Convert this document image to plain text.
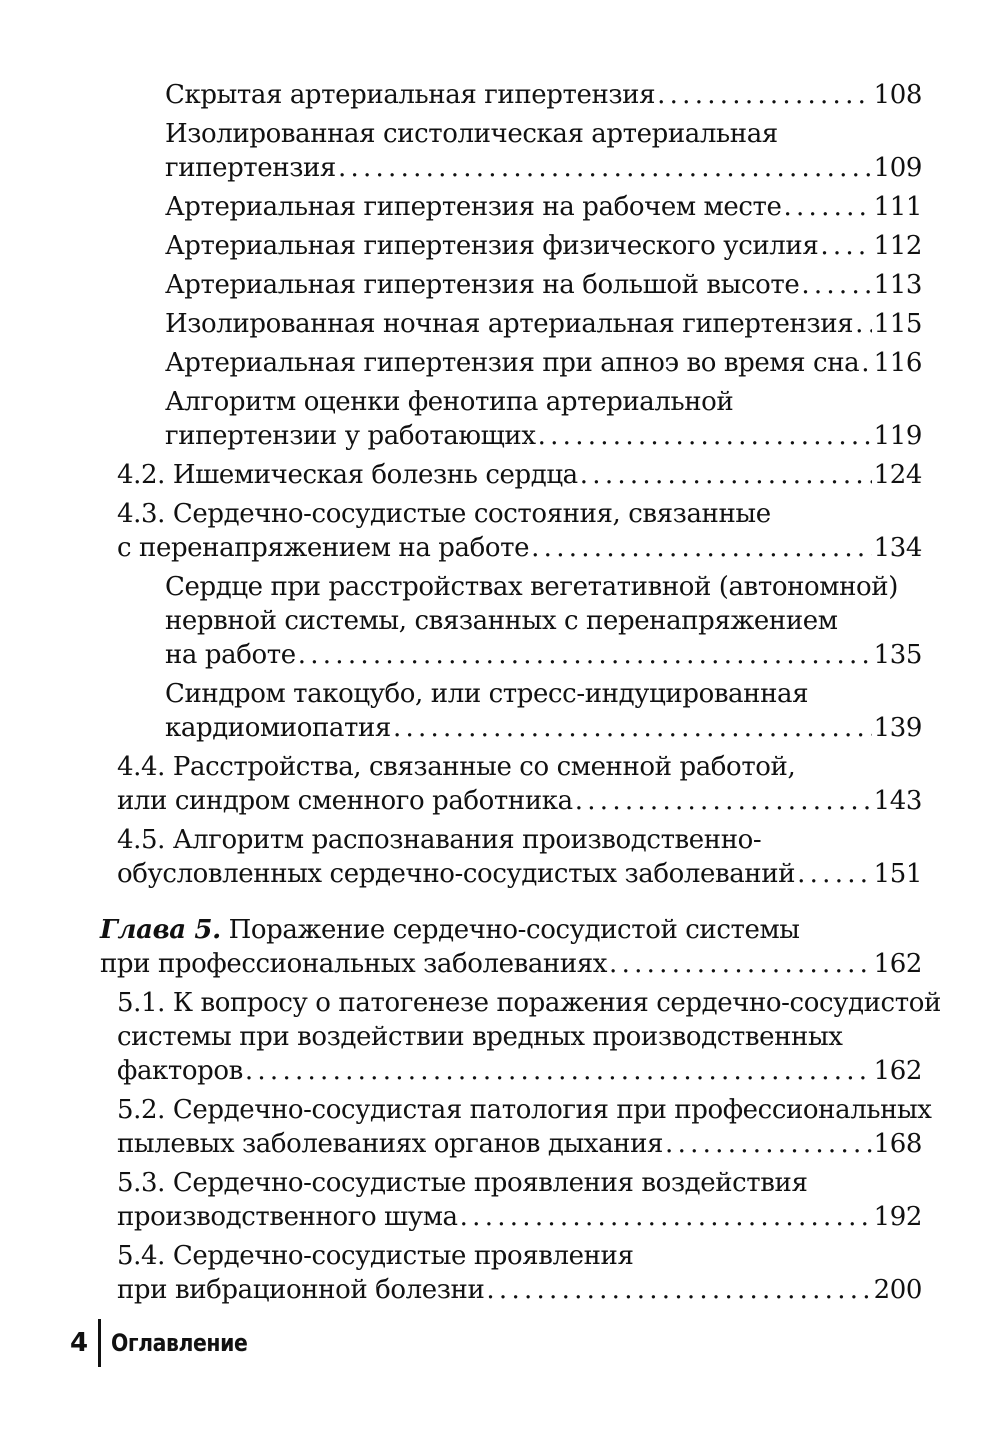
Скрытая артериальная гипертензия . . .	108
Изолированная систолическая артериальная
гипертензия . . .	109
Артериальная гипертензия на рабочем месте . . .	111
Артериальная гипертензия физического усилия . . . 112
Артериальная гипертензия на большой высоте . . .	113
Изолированная ночная артериальная гипертензия . . . 115
Артериальная гипертензия при апноэ во время сна . . . 116
Алгоритм оценки фенотипа артериальной
гипертензии у работающих . . .	119
4.2. Ишемическая болезнь сердца . . .	124
4.3. Сердечно-сосудистые состояния, связанные
с перенапряжением на работе . . .	134
Сердце при расстройствах вегетативной (автономной)
нервной системы, связанных с перенапряжением
на работе . . .	135
Синдром такоцубо, или стресс-индуцированная
кардиомиопатия . . .	139
4.4. Расстройства, связанные со сменной работой,
или синдром сменного работника . . .	143
4.5. Алгоритм распознавания производственно-
обусловленных сердечно-сосудистых заболеваний . . .	151
Глава 5. Поражение сердечно-сосудистой системы
при профессиональных заболеваниях . . .	162
5.1. К вопросу о патогенезе поражения сердечно-сосудистой
системы при воздействии вредных производственных
факторов . . .	162
5.2. Сердечно-сосудистая патология при профессиональных
пылевых заболеваниях органов дыхания . . .	168
5.3. Сердечно-сосудистые проявления воздействия
производственного шума . . .	192
5.4. Сердечно-сосудистые проявления
при вибрационной болезни . . .	200
4 Оглавление
